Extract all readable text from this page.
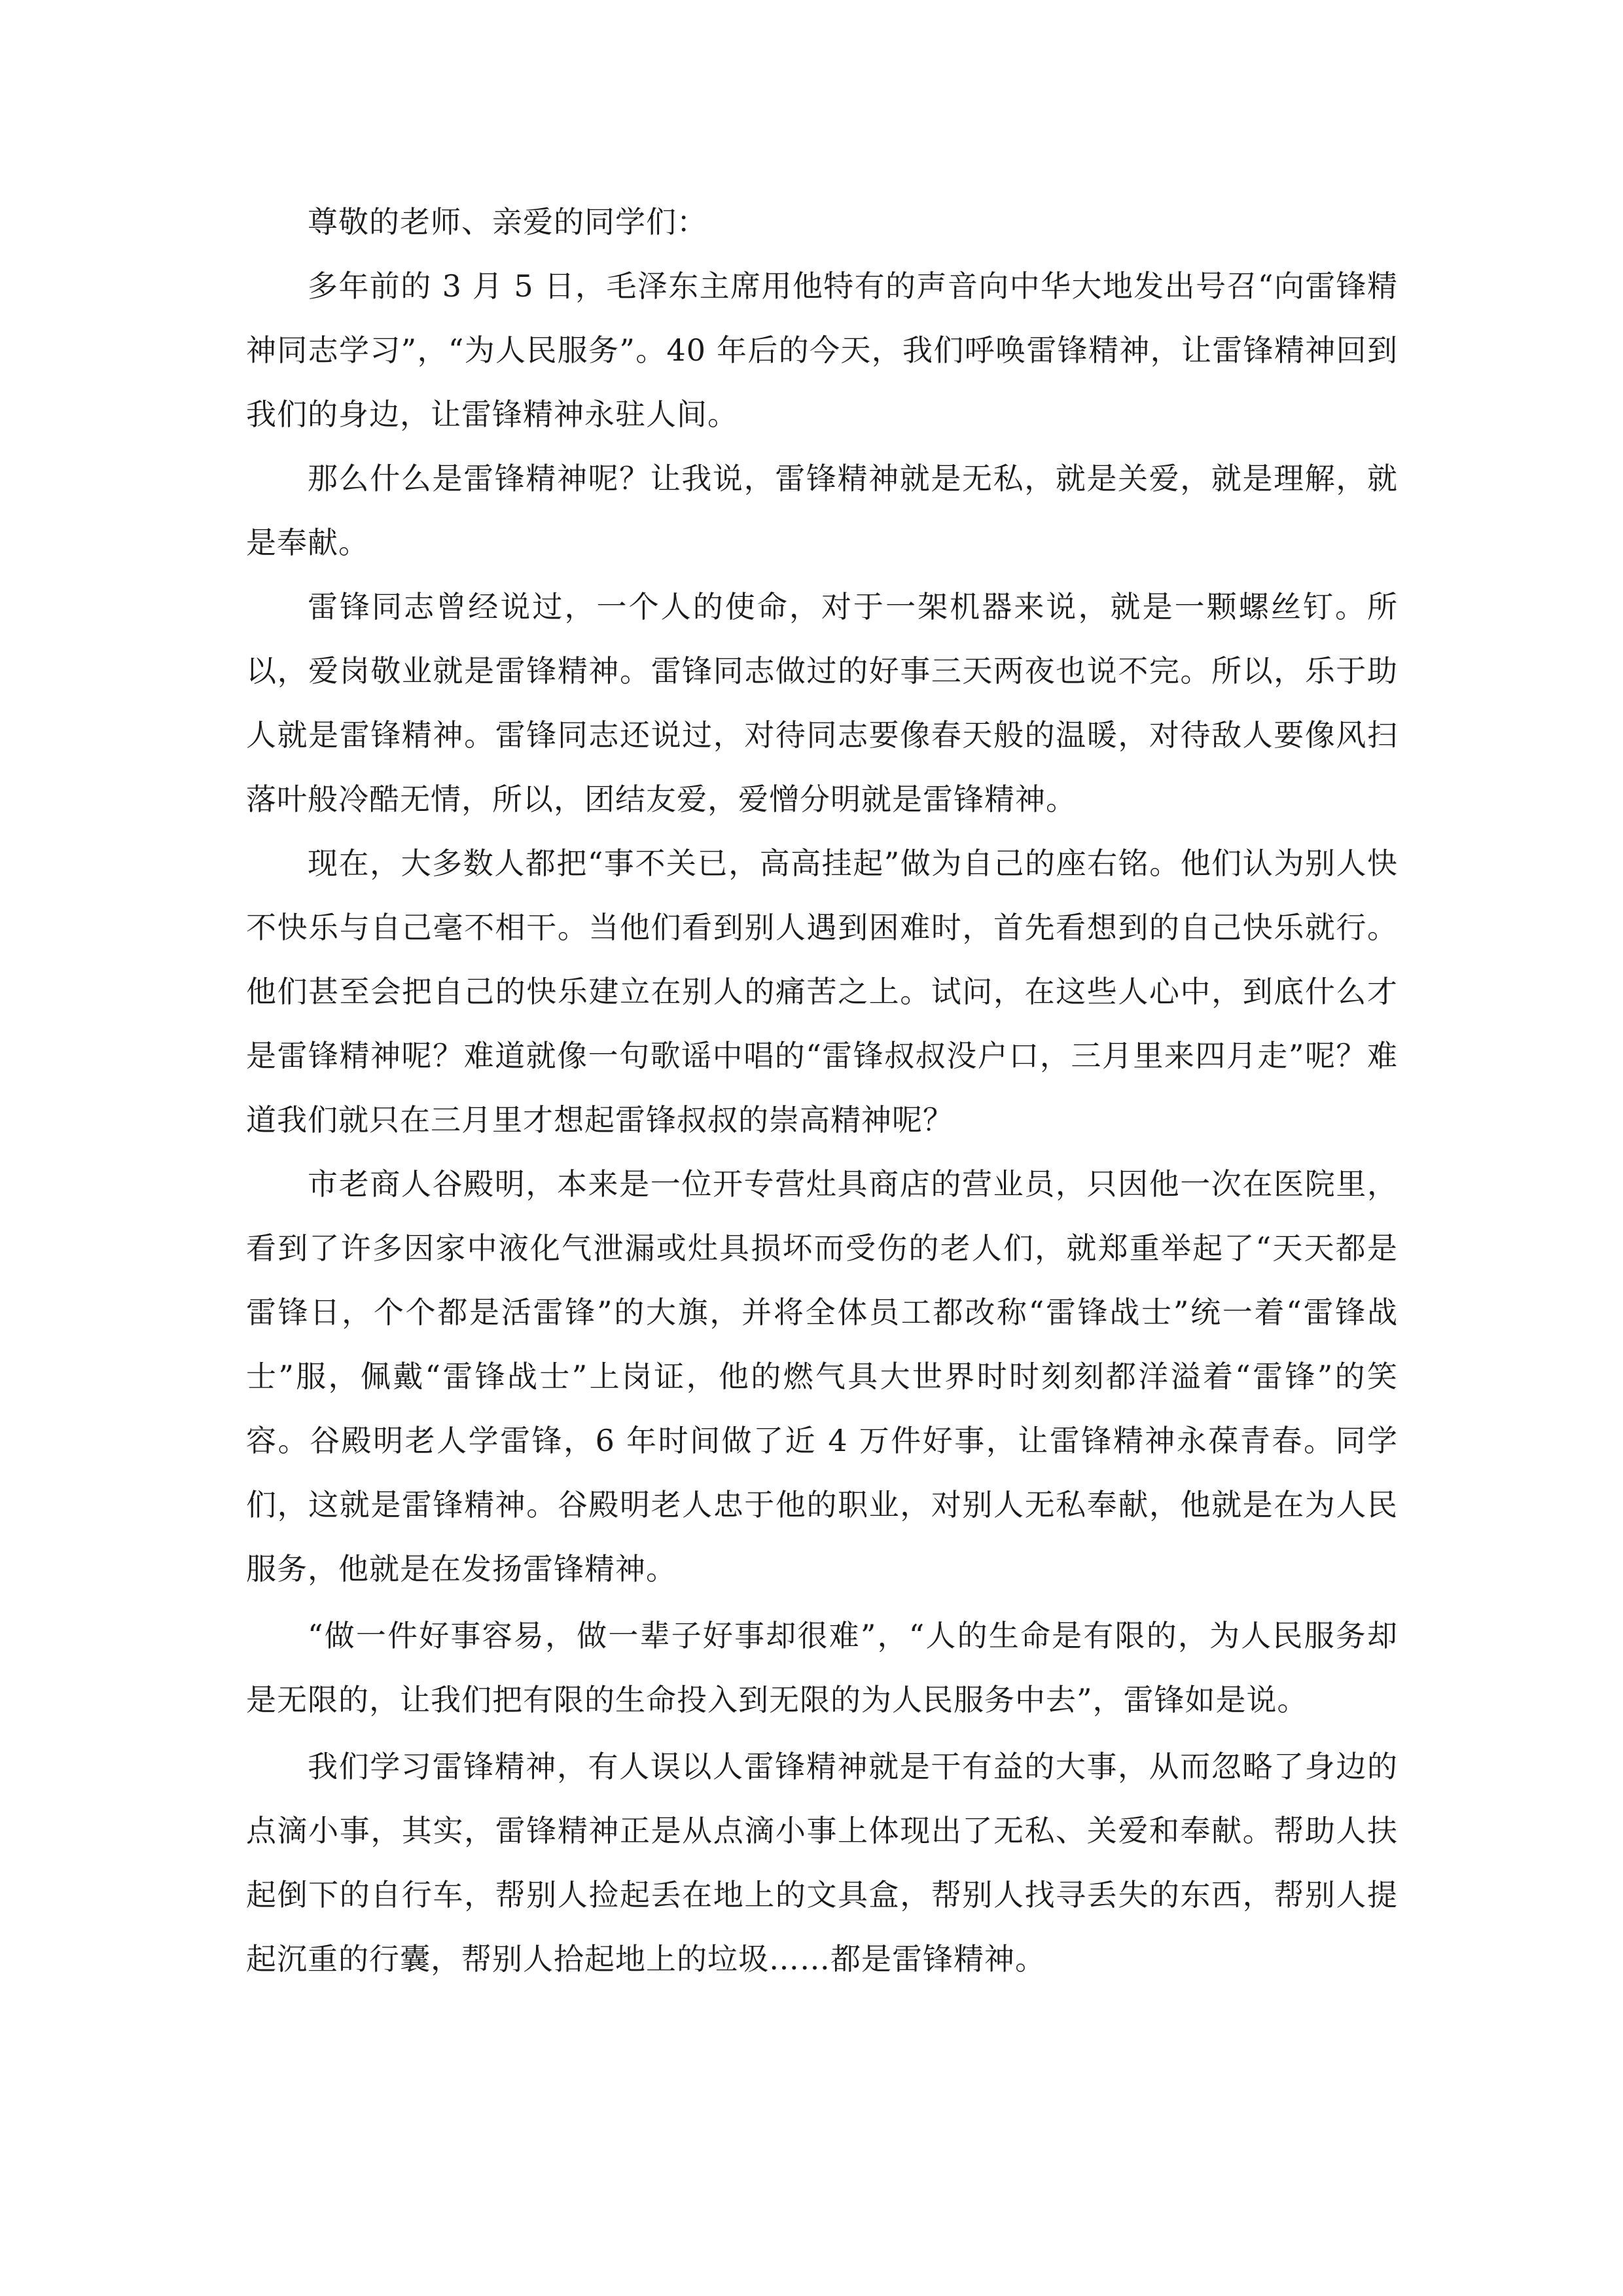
尊敬的老师、亲爱的同学们：

多年前的 3 月 5 日，毛泽东主席用他特有的声音向中华大地发出号召“向雷锋精神同志学习”，“为人民服务”。40 年后的今天，我们呼唤雷锋精神，让雷锋精神回到我们的身边，让雷锋精神永驻人间。

那么什么是雷锋精神呢？让我说，雷锋精神就是无私，就是关爱，就是理解，就是奉献。

雷锋同志曾经说过，一个人的使命，对于一架机器来说，就是一颗螺丝钉。所以，爱岗敬业就是雷锋精神。雷锋同志做过的好事三天两夜也说不完。所以，乐于助人就是雷锋精神。雷锋同志还说过，对待同志要像春天般的温暖，对待敌人要像风扫落叶般冷酷无情，所以，团结友爱，爱憎分明就是雷锋精神。

现在，大多数人都把“事不关已，高高挂起”做为自己的座右铭。他们认为别人快不快乐与自己毫不相干。当他们看到别人遇到困难时，首先看想到的自己快乐就行。他们甚至会把自己的快乐建立在别人的痛苦之上。试问，在这些人心中，到底什么才是雷锋精神呢？难道就像一句歌谣中唱的“雷锋叔叔没户口，三月里来四月走”呢？难道我们就只在三月里才想起雷锋叔叔的崇高精神呢？

市老商人谷殿明，本来是一位开专营灶具商店的营业员，只因他一次在医院里，看到了许多因家中液化气泄漏或灶具损坏而受伤的老人们，就郑重举起了“天天都是雷锋日，个个都是活雷锋”的大旗，并将全体员工都改称“雷锋战士”统一着“雷锋战士”服，佩戴“雷锋战士”上岗证，他的燃气具大世界时时刻刻都洋溢着“雷锋”的笑容。谷殿明老人学雷锋，6 年时间做了近 4 万件好事，让雷锋精神永葆青春。同学们，这就是雷锋精神。谷殿明老人忠于他的职业，对别人无私奉献，他就是在为人民服务，他就是在发扬雷锋精神。

“做一件好事容易，做一辈子好事却很难”，“人的生命是有限的，为人民服务却是无限的，让我们把有限的生命投入到无限的为人民服务中去”，雷锋如是说。

我们学习雷锋精神，有人误以人雷锋精神就是干有益的大事，从而忽略了身边的点滴小事，其实，雷锋精神正是从点滴小事上体现出了无私、关爱和奉献。帮助人扶起倒下的自行车，帮别人捡起丢在地上的文具盒，帮别人找寻丢失的东西，帮别人提起沉重的行囊，帮别人拾起地上的垃圾……都是雷锋精神。
